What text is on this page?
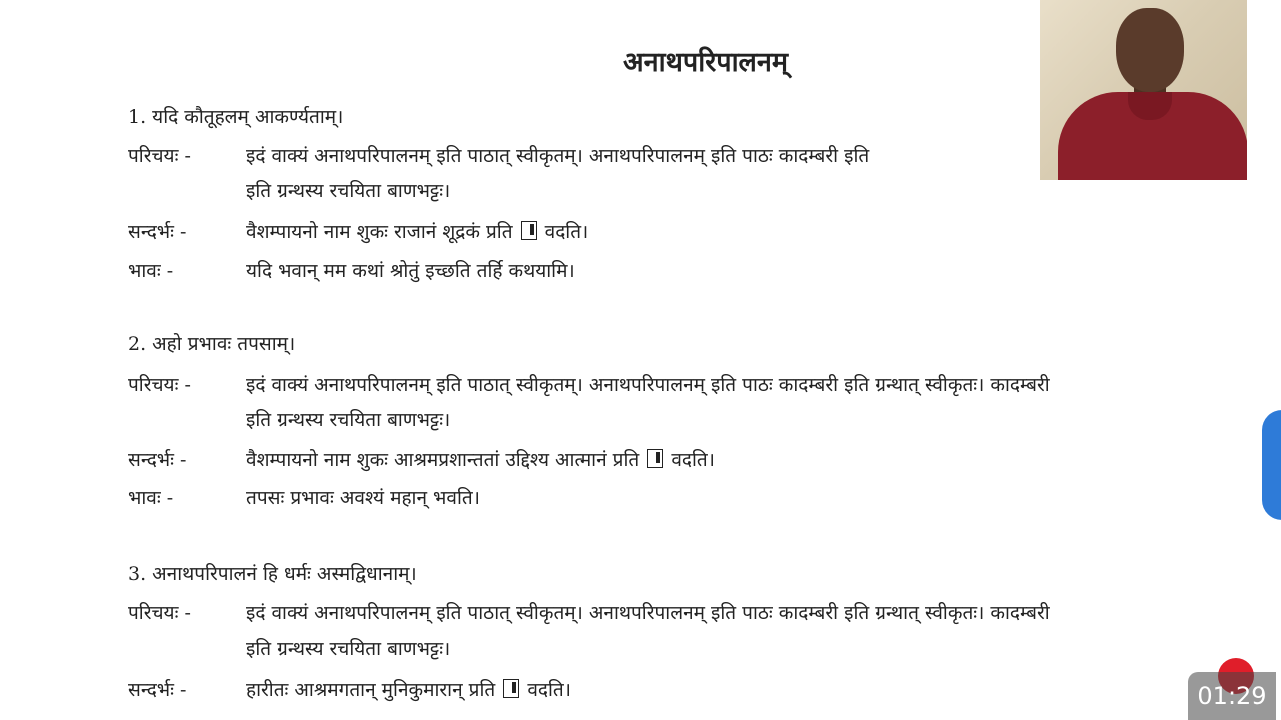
अनाथपरिपालनम्
1. यदि कौतूहलम् आकर्ण्यताम्।
परिचयः -	इदं वाक्यं अनाथपरिपालनम् इति पाठात् स्वीकृतम्। अनाथपरिपालनम् इति पाठः कादम्बरी इति
इति ग्रन्थस्य रचयिता बाणभट्टः।
सन्दर्भः -	वैशम्पायनो नाम शुकः राजानं शूद्रकं प्रति वदति।
भावः -	यदि भवान् मम कथां श्रोतुं इच्छति तर्हि कथयामि।
2. अहो प्रभावः तपसाम्।
परिचयः -	इदं वाक्यं अनाथपरिपालनम् इति पाठात् स्वीकृतम्। अनाथपरिपालनम् इति पाठः कादम्बरी इति ग्रन्थात् स्वीकृतः। कादम्बरी
इति ग्रन्थस्य रचयिता बाणभट्टः।
सन्दर्भः -	वैशम्पायनो नाम शुकः आश्रमप्रशान्ततां उद्दिश्य आत्मानं प्रति वदति।
भावः -	तपसः प्रभावः अवश्यं महान् भवति।
3. अनाथपरिपालनं हि धर्मः अस्मद्विधानाम्।
परिचयः -	इदं वाक्यं अनाथपरिपालनम् इति पाठात् स्वीकृतम्। अनाथपरिपालनम् इति पाठः कादम्बरी इति ग्रन्थात् स्वीकृतः। कादम्बरी
इति ग्रन्थस्य रचयिता बाणभट्टः।
सन्दर्भः -	हारीतः आश्रमगतान् मुनिकुमारान् प्रति वदति।	01:29
